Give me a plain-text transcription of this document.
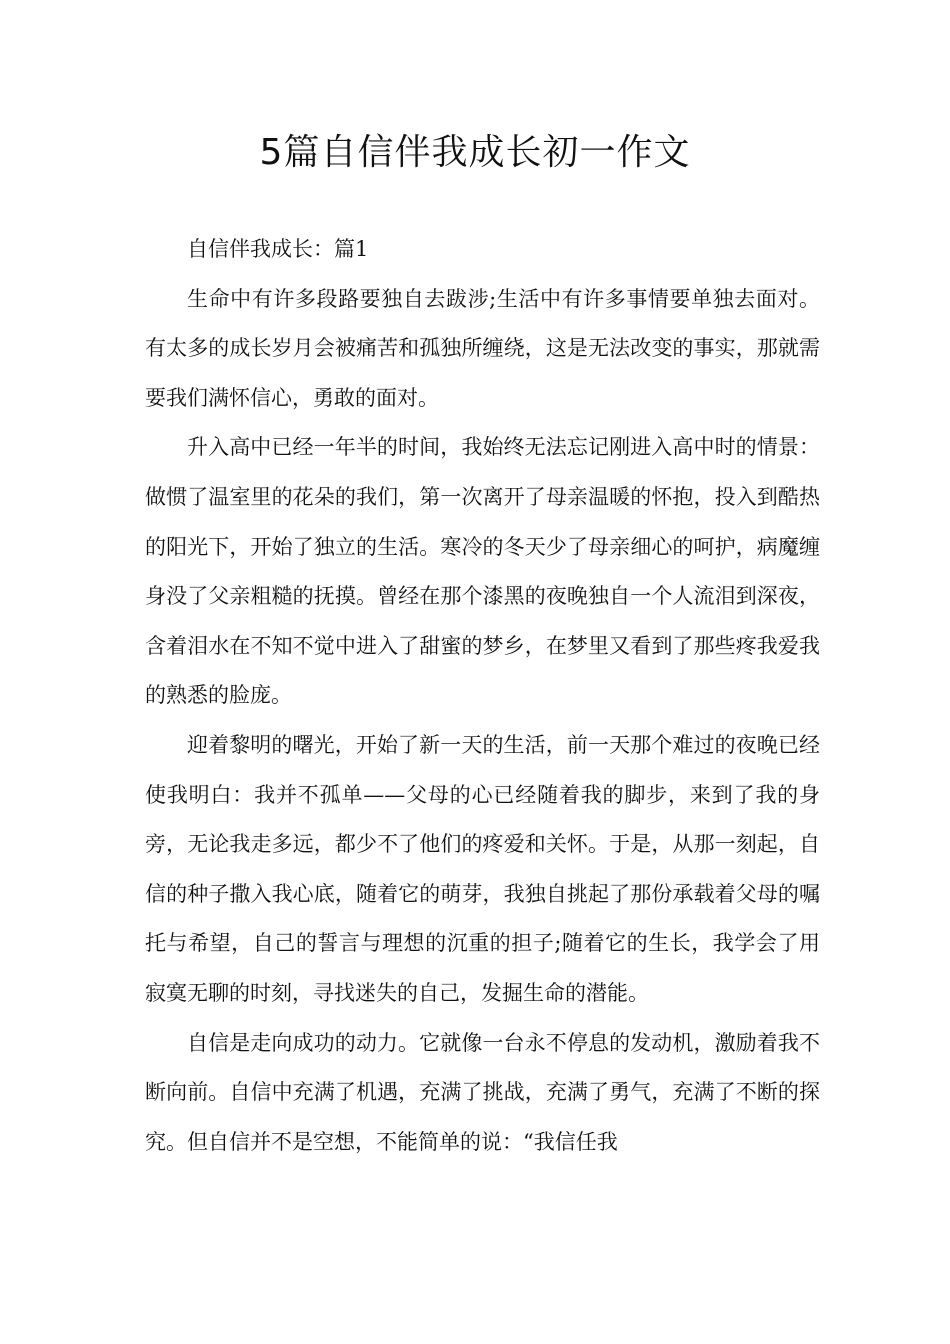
5篇自信伴我成长初一作文

自信伴我成长：篇1

生命中有许多段路要独自去跋涉;生活中有许多事情要单独去面对。有太多的成长岁月会被痛苦和孤独所缠绕，这是无法改变的事实，那就需要我们满怀信心，勇敢的面对。

升入高中已经一年半的时间，我始终无法忘记刚进入高中时的情景：做惯了温室里的花朵的我们，第一次离开了母亲温暖的怀抱，投入到酷热的阳光下，开始了独立的生活。寒冷的冬天少了母亲细心的呵护，病魔缠身没了父亲粗糙的抚摸。曾经在那个漆黑的夜晚独自一个人流泪到深夜，含着泪水在不知不觉中进入了甜蜜的梦乡，在梦里又看到了那些疼我爱我的熟悉的脸庞。

迎着黎明的曙光，开始了新一天的生活，前一天那个难过的夜晚已经使我明白：我并不孤单——父母的心已经随着我的脚步，来到了我的身旁，无论我走多远，都少不了他们的疼爱和关怀。于是，从那一刻起，自信的种子撒入我心底，随着它的萌芽，我独自挑起了那份承载着父母的嘱托与希望，自己的誓言与理想的沉重的担子;随着它的生长，我学会了用寂寞无聊的时刻，寻找迷失的自己，发掘生命的潜能。

自信是走向成功的动力。它就像一台永不停息的发动机，激励着我不断向前。自信中充满了机遇，充满了挑战，充满了勇气，充满了不断的探究。但自信并不是空想，不能简单的说：“我信任我
